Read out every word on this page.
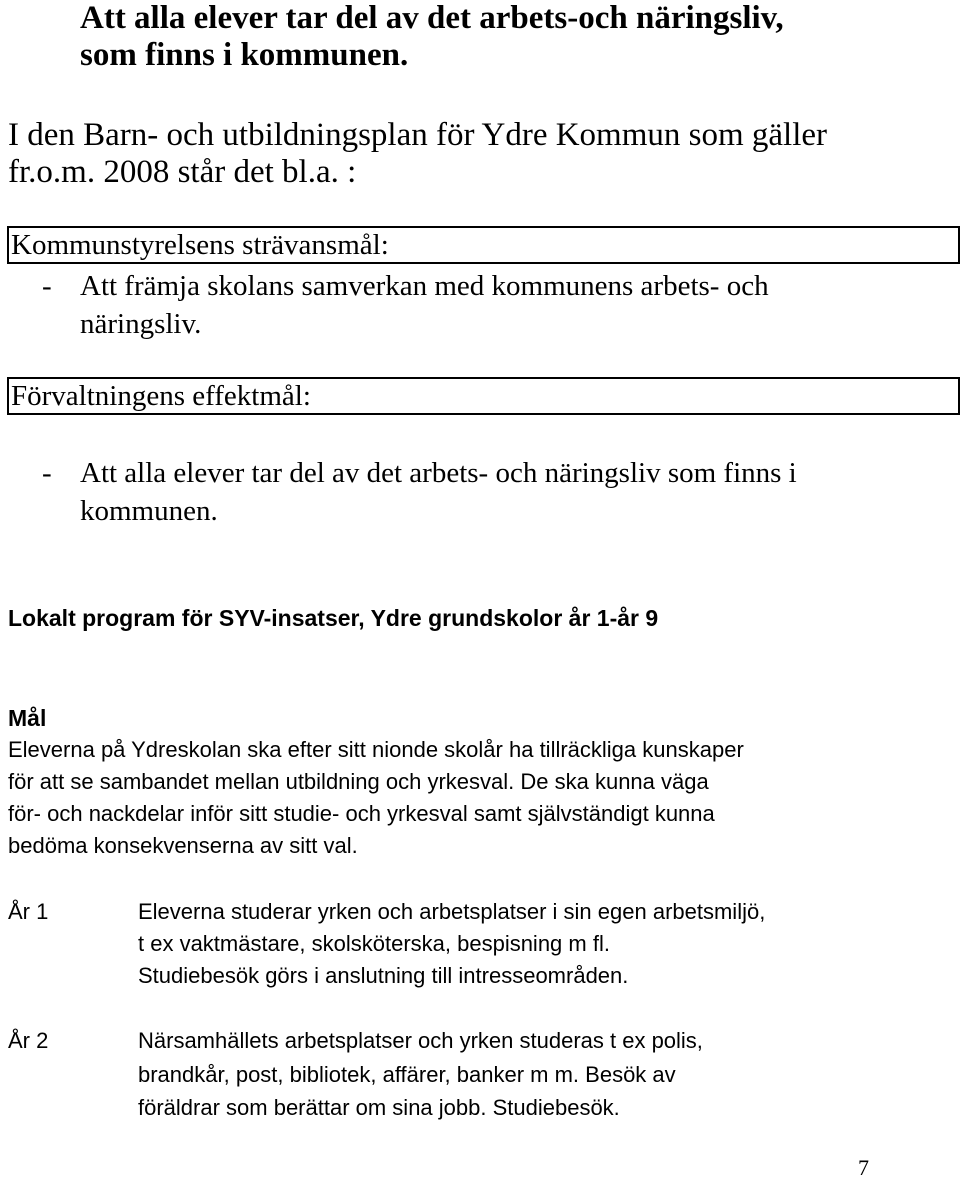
Att alla elever tar del av det arbets-och näringsliv,
som finns i kommunen.
I den Barn- och utbildningsplan för Ydre Kommun som gäller
fr.o.m. 2008 står det bl.a. :
Kommunstyrelsens strävansmål:
- Att främja skolans samverkan med kommunens arbets- och
näringsliv.
Förvaltningens effektmål:
- Att alla elever tar del av det arbets- och näringsliv som finns i
kommunen.
Lokalt program för SYV-insatser, Ydre grundskolor år 1-år 9
Mål
Eleverna på Ydreskolan ska efter sitt nionde skolår ha tillräckliga kunskaper
för att se sambandet mellan utbildning och yrkesval. De ska kunna väga
för- och nackdelar inför sitt studie- och yrkesval samt självständigt kunna
bedöma konsekvenserna av sitt val.
År 1	Eleverna studerar yrken och arbetsplatser i sin egen arbetsmiljö,
t ex vaktmästare, skolsköterska, bespisning m fl.
Studiebesök görs i anslutning till intresseområden.
År 2	Närsamhällets arbetsplatser och yrken studeras t ex polis,
brandkår, post, bibliotek, affärer, banker m m. Besök av
föräldrar som berättar om sina jobb. Studiebesök.
7
